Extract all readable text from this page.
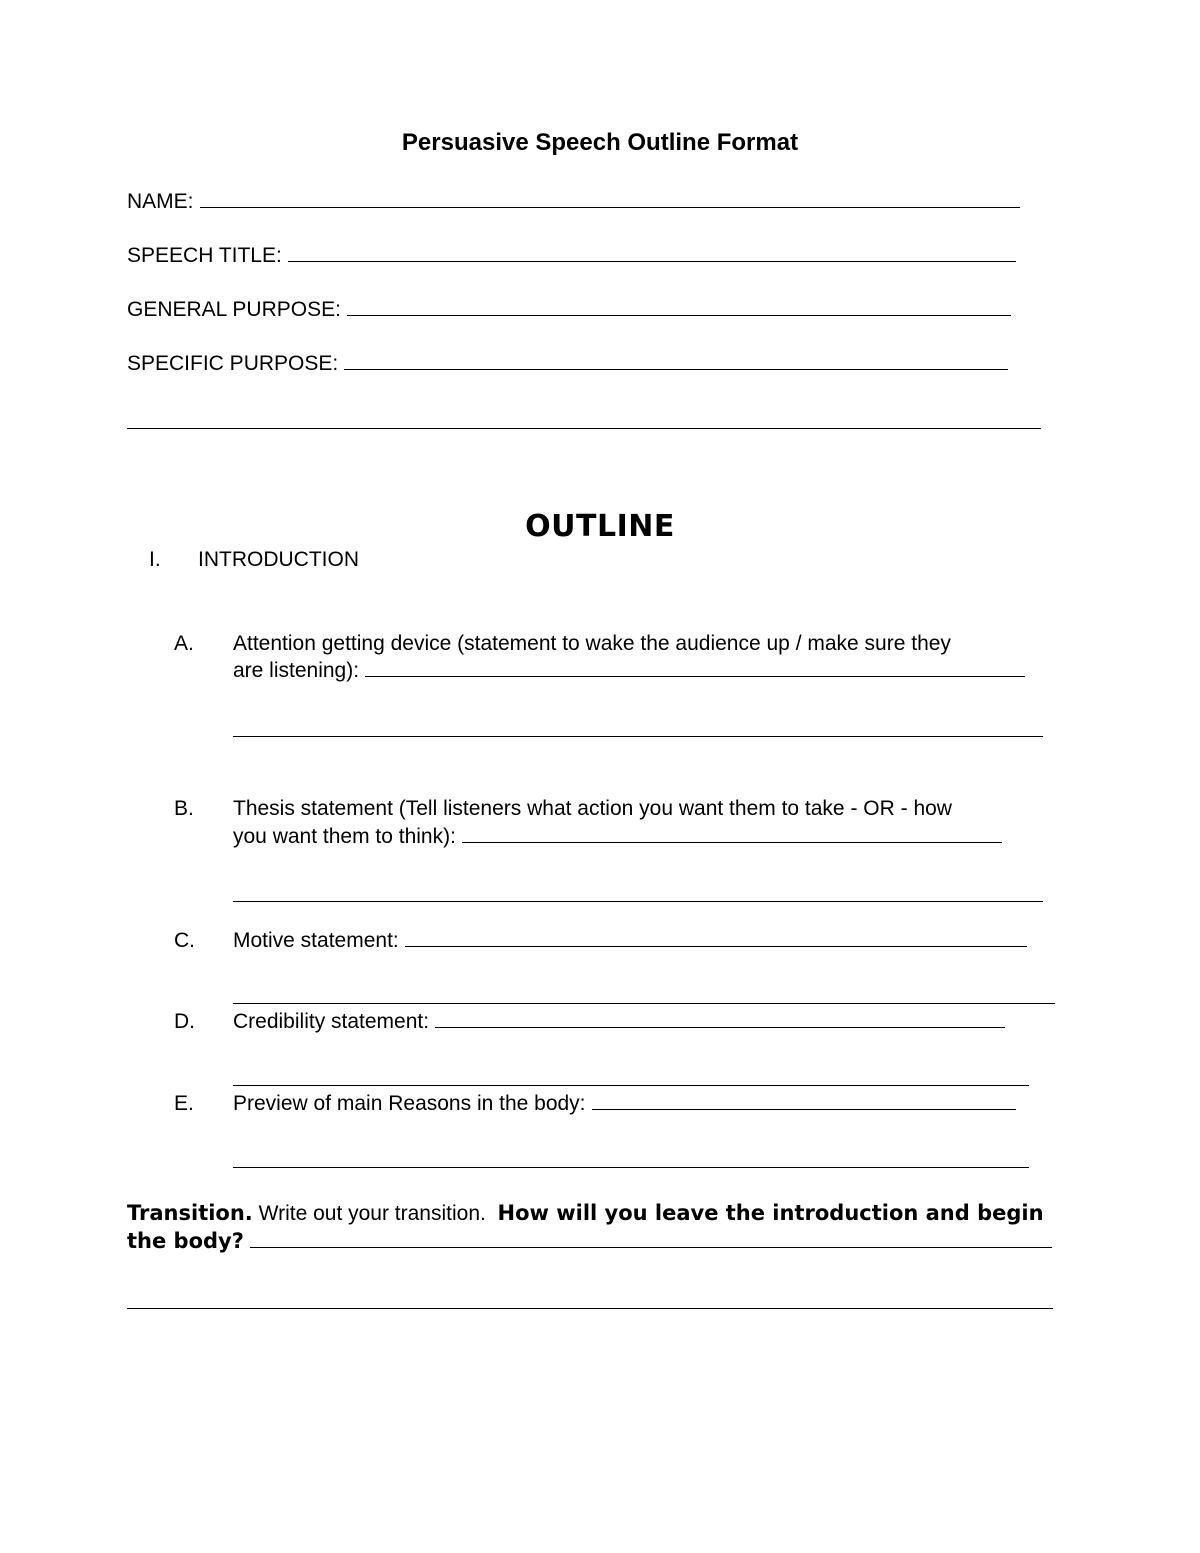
Persuasive Speech Outline Format
NAME:
SPEECH TITLE:
GENERAL PURPOSE:
SPECIFIC PURPOSE:
OUTLINE
I. INTRODUCTION
A. Attention getting device (statement to wake the audience up / make sure they
are listening):
B. Thesis statement (Tell listeners what action you want them to take - OR - how
you want them to think):
C. Motive statement:
D. Credibility statement:
E. Preview of main Reasons in the body:
Transition. Write out your transition.  How will you leave the introduction and begin
the body?
